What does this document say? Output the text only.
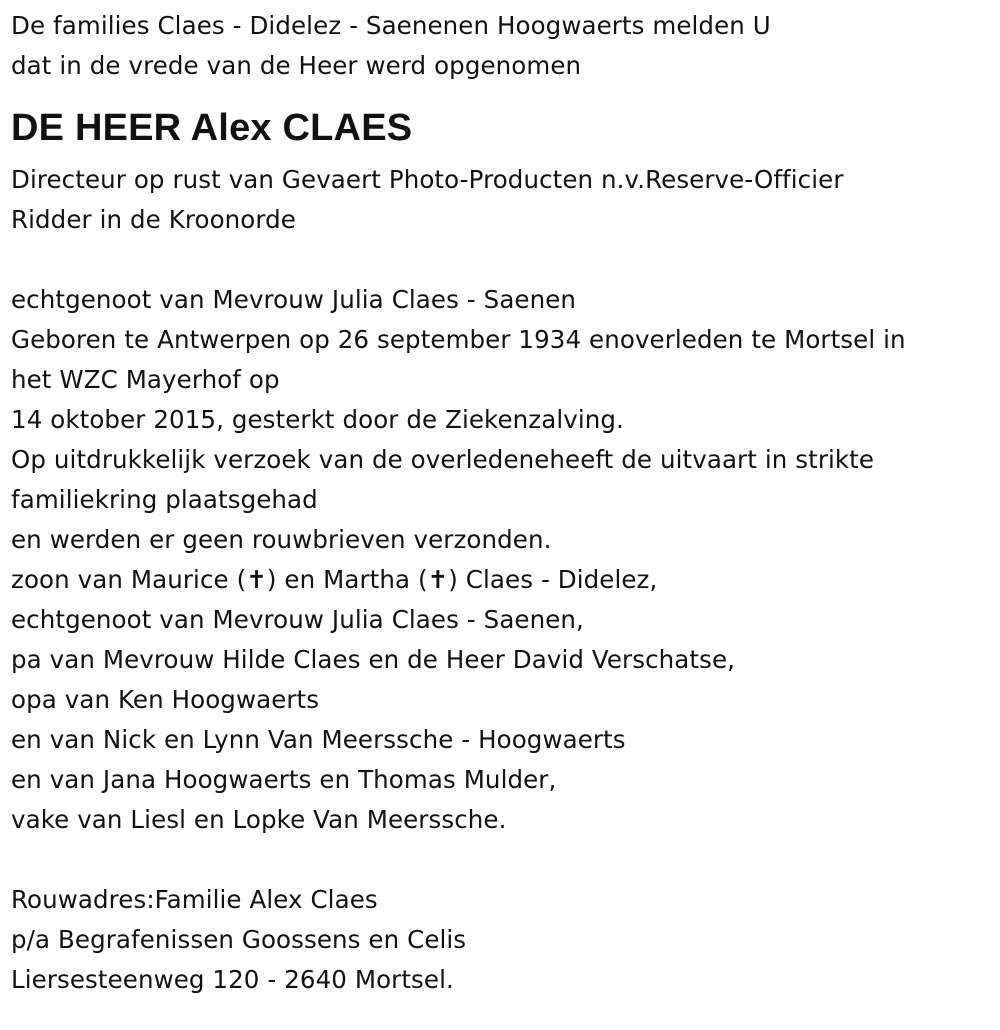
De families Claes - Didelez - Saenenen Hoogwaerts melden U
dat in de vrede van de Heer werd opgenomen
DE HEER Alex CLAES
Directeur op rust van Gevaert Photo-Producten n.v.Reserve-Officier
Ridder in de Kroonorde
echtgenoot van Mevrouw Julia Claes - Saenen
Geboren te Antwerpen op 26 september 1934 enoverleden te Mortsel in
het WZC Mayerhof op
14 oktober 2015, gesterkt door de Ziekenzalving.
Op uitdrukkelijk verzoek van de overledeneheeft de uitvaart in strikte
familiekring plaatsgehad
en werden er geen rouwbrieven verzonden.
zoon van Maurice (✝) en Martha (✝) Claes - Didelez,
echtgenoot van Mevrouw Julia Claes - Saenen,
pa van Mevrouw Hilde Claes en de Heer David Verschatse,
opa van Ken Hoogwaerts
en van Nick en Lynn Van Meerssche - Hoogwaerts
en van Jana Hoogwaerts en Thomas Mulder,
vake van Liesl en Lopke Van Meerssche.
Rouwadres:Familie Alex Claes
p/a Begrafenissen Goossens en Celis
Liersesteenweg 120 - 2640 Mortsel.
